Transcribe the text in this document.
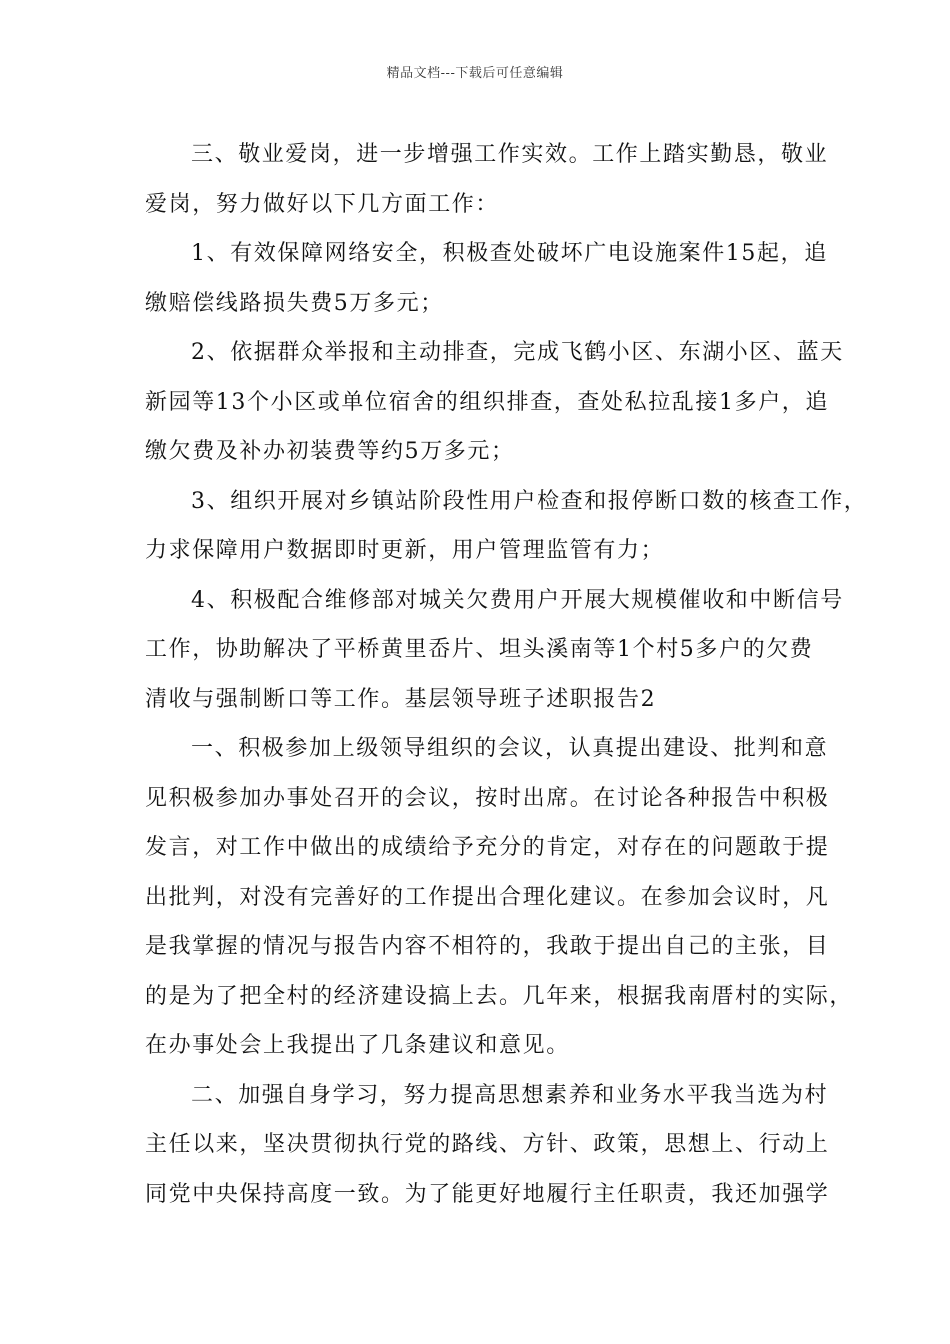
精品文档---下载后可任意编辑
三、敬业爱岗，进一步增强工作实效。工作上踏实勤恳，敬业
爱岗，努力做好以下几方面工作：
1、有效保障网络安全，积极查处破坏广电设施案件15起，追
缴赔偿线路损失费5万多元；
2、依据群众举报和主动排查，完成飞鹤小区、东湖小区、蓝天
新园等13个小区或单位宿舍的组织排查，查处私拉乱接1多户，追
缴欠费及补办初装费等约5万多元；
3、组织开展对乡镇站阶段性用户检查和报停断口数的核查工作，
力求保障用户数据即时更新，用户管理监管有力；
4、积极配合维修部对城关欠费用户开展大规模催收和中断信号
工作，协助解决了平桥黄里岙片、坦头溪南等1个村5多户的欠费
清收与强制断口等工作。基层领导班子述职报告2
一、积极参加上级领导组织的会议，认真提出建设、批判和意
见积极参加办事处召开的会议，按时出席。在讨论各种报告中积极
发言，对工作中做出的成绩给予充分的肯定，对存在的问题敢于提
出批判，对没有完善好的工作提出合理化建议。在参加会议时，凡
是我掌握的情况与报告内容不相符的，我敢于提出自己的主张，目
的是为了把全村的经济建设搞上去。几年来，根据我南厝村的实际，
在办事处会上我提出了几条建议和意见。
二、加强自身学习，努力提高思想素养和业务水平我当选为村
主任以来，坚决贯彻执行党的路线、方针、政策，思想上、行动上
同党中央保持高度一致。为了能更好地履行主任职责，我还加强学
